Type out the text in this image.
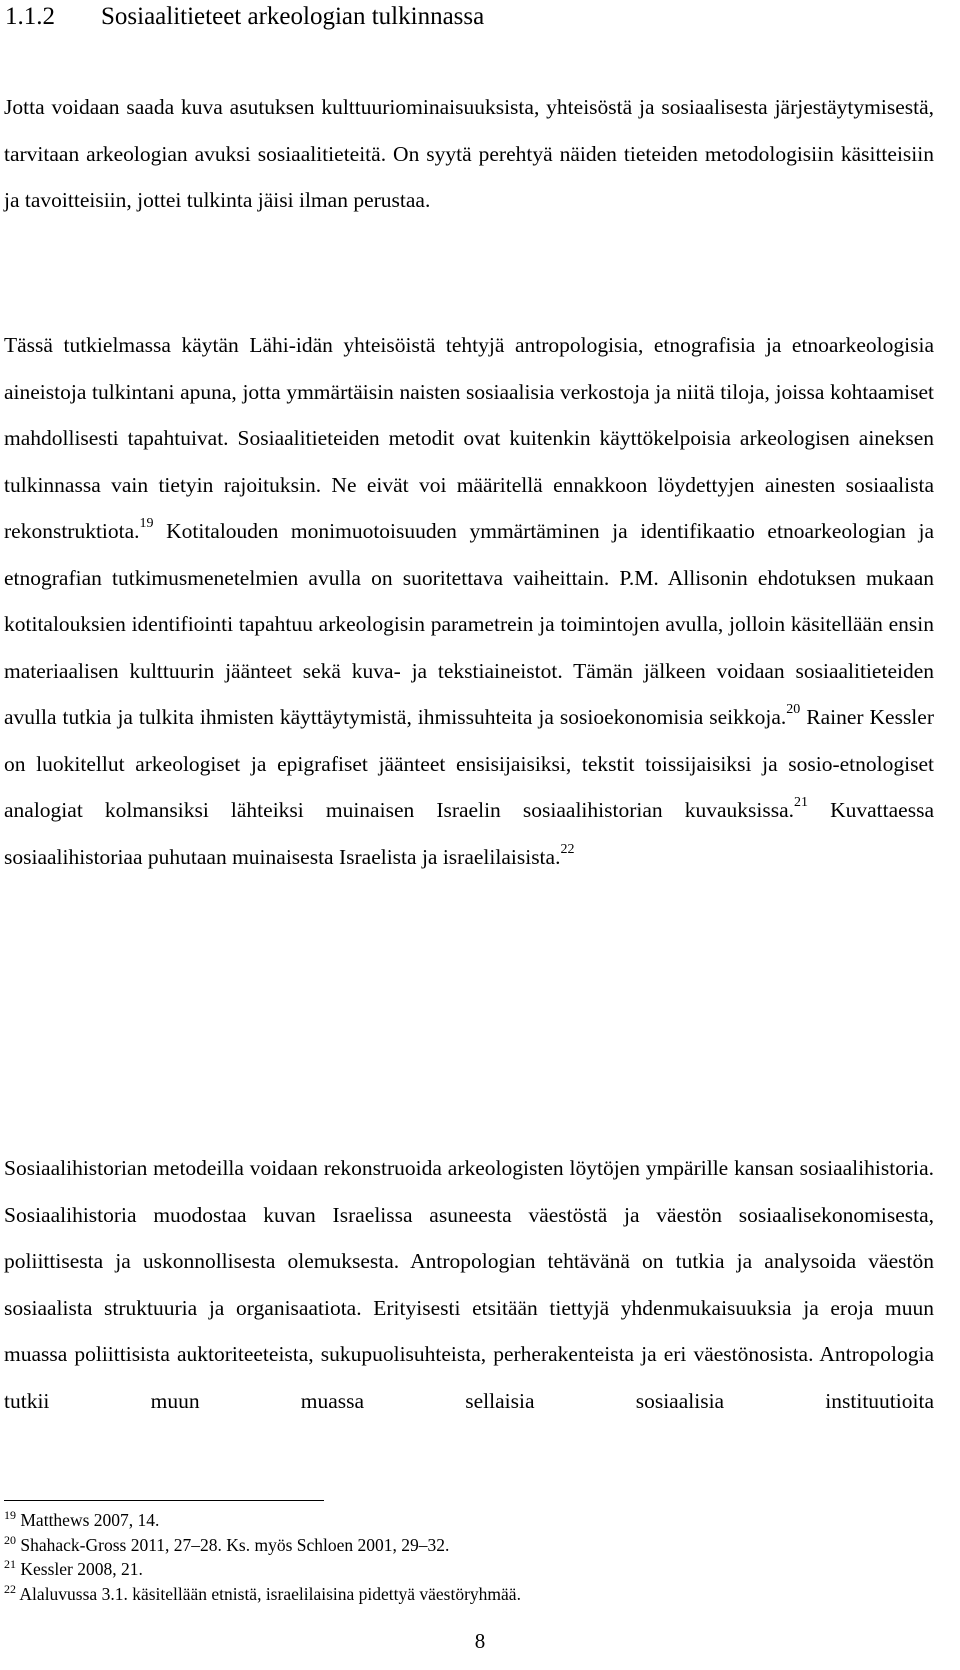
1.1.2 Sosiaalitieteet arkeologian tulkinnassa
Jotta voidaan saada kuva asutuksen kulttuuriominaisuuksista, yhteisöstä ja sosiaalisesta järjestäytymisestä, tarvitaan arkeologian avuksi sosiaalitieteitä. On syytä perehtyä näiden tieteiden metodologisiin käsitteisiin ja tavoitteisiin, jottei tulkinta jäisi ilman perustaa.
Tässä tutkielmassa käytän Lähi-idän yhteisöistä tehtyjä antropologisia, etnografisia ja etnoarkeologisia aineistoja tulkintani apuna, jotta ymmärtäisin naisten sosiaalisia verkostoja ja niitä tiloja, joissa kohtaamiset mahdollisesti tapahtuivat. Sosiaalitieteiden metodit ovat kuitenkin käyttökelpoisia arkeologisen aineksen tulkinnassa vain tietyin rajoituksin. Ne eivät voi määritellä ennakkoon löydettyjen ainesten sosiaalista rekonstruktiota.$^{19}$ Kotitalouden monimuotoisuuden ymmärtäminen ja identifikaatio etnoarkeologian ja etnografian tutkimusmenetelmien avulla on suoritettava vaiheittain. P.M. Allisonin ehdotuksen mukaan kotitalouksien identifiointi tapahtuu arkeologisin parametrein ja toimintojen avulla, jolloin käsitellään ensin materiaalisen kulttuurin jäänteet sekä kuva- ja tekstiaineistot. Tämän jälkeen voidaan sosiaalitieteiden avulla tutkia ja tulkita ihmisten käyttäytymistä, ihmissuhteita ja sosioekonomisia seikkoja.$^{20}$ Rainer Kessler on luokitellut arkeologiset ja epigrafiset jäänteet ensisijaisiksi, tekstit toissijaisiksi ja sosio-etnologiset analogiat kolmansiksi lähteiksi muinaisen Israelin sosiaalihistorian kuvauksissa.$^{21}$ Kuvattaessa sosiaalihistoriaa puhutaan muinaisesta Israelista ja israelilaisista.$^{22}$
Sosiaalihistorian metodeilla voidaan rekonstruoida arkeologisten löytöjen ympärille kansan sosiaalihistoria. Sosiaalihistoria muodostaa kuvan Israelissa asuneesta väestöstä ja väestön sosiaalisekonomisesta, poliittisesta ja uskonnollisesta olemuksesta. Antropologian tehtävänä on tutkia ja analysoida väestön sosiaalista struktuuria ja organisaatiota. Erityisesti etsitään tiettyjä yhdenmukaisuuksia ja eroja muun muassa poliittisista auktoriteeteista, sukupuolisuhteista, perherakenteista ja eri väestönosista. Antropologia tutkii muun muassa sellaisia sosiaalisia instituutioita
$^{19}$ Matthews 2007, 14.
$^{20}$ Shahack-Gross 2011, 27‒28. Ks. myös Schloen 2001, 29‒32.
$^{21}$ Kessler 2008, 21.
$^{22}$ Alaluvussa 3.1. käsitellään etnistä, israelilaisina pidettyä väestöryhmää.
8
